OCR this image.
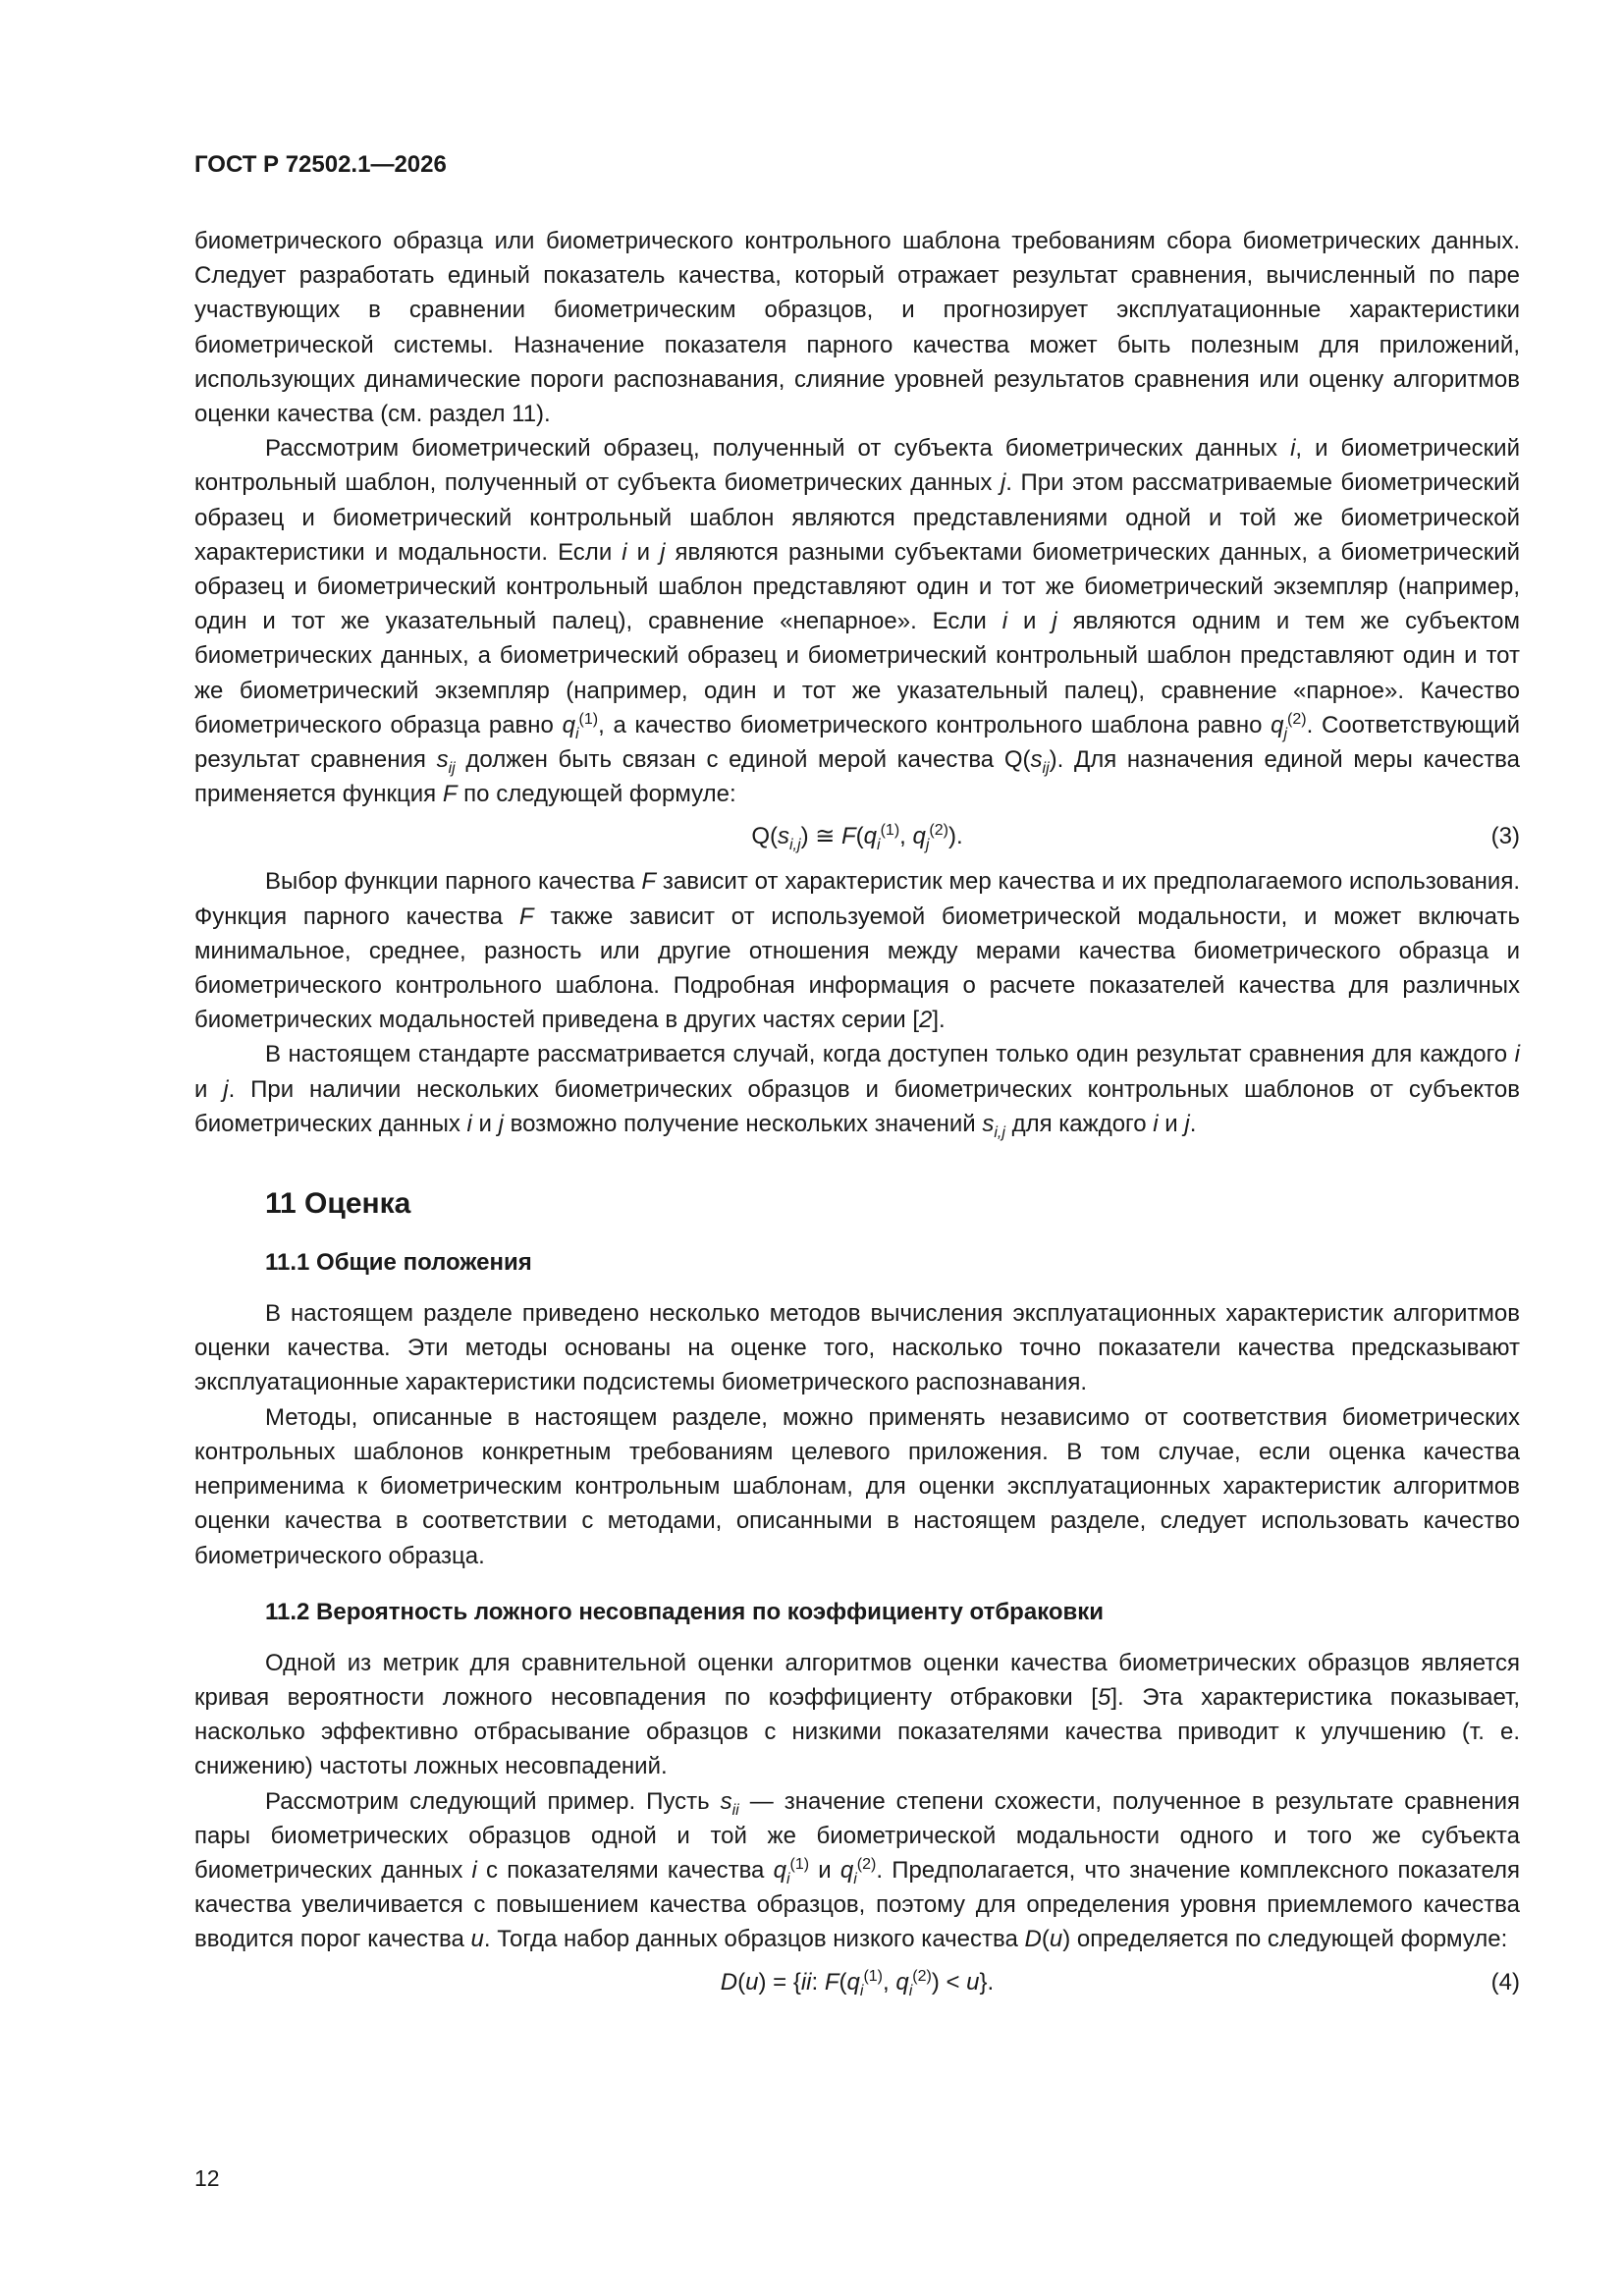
ГОСТ Р 72502.1—2026

биометрического образца или биометрического контрольного шаблона требованиям сбора биометрических данных. Следует разработать единый показатель качества, который отражает результат сравнения, вычисленный по паре участвующих в сравнении биометрическим образцов, и прогнозирует эксплуатационные характеристики биометрической системы. Назначение показателя парного качества может быть полезным для приложений, использующих динамические пороги распознавания, слияние уровней результатов сравнения или оценку алгоритмов оценки качества (см. раздел 11).

Рассмотрим биометрический образец, полученный от субъекта биометрических данных i, и биометрический контрольный шаблон, полученный от субъекта биометрических данных j. При этом рассматриваемые биометрический образец и биометрический контрольный шаблон являются представлениями одной и той же биометрической характеристики и модальности. Если i и j являются разными субъектами биометрических данных, а биометрический образец и биометрический контрольный шаблон представляют один и тот же биометрический экземпляр (например, один и тот же указательный палец), сравнение «непарное». Если i и j являются одним и тем же субъектом биометрических данных, а биометрический образец и биометрический контрольный шаблон представляют один и тот же биометрический экземпляр (например, один и тот же указательный палец), сравнение «парное». Качество биометрического образца равно $q_i^{(1)}$, а качество биометрического контрольного шаблона равно $q_j^{(2)}$. Соответствующий результат сравнения $s_{ij}$ должен быть связан с единой мерой качества $Q(s_{ij})$. Для назначения единой меры качества применяется функция F по следующей формуле:

$Q(s_{i,j})$ ≅ $F(q_i^{(1)}$, $q_j^{(2)}$).	(3)

Выбор функции парного качества F зависит от характеристик мер качества и их предполагаемого использования. Функция парного качества F также зависит от используемой биометрической модальности, и может включать минимальное, среднее, разность или другие отношения между мерами качества биометрического образца и биометрического контрольного шаблона. Подробная информация о расчете показателей качества для различных биометрических модальностей приведена в других частях серии [2].

В настоящем стандарте рассматривается случай, когда доступен только один результат сравнения для каждого i и j. При наличии нескольких биометрических образцов и биометрических контрольных шаблонов от субъектов биометрических данных i и j возможно получение нескольких значений $s_{i,j}$ для каждого i и j.

11 Оценка
11.1 Общие положения

В настоящем разделе приведено несколько методов вычисления эксплуатационных характеристик алгоритмов оценки качества. Эти методы основаны на оценке того, насколько точно показатели качества предсказывают эксплуатационные характеристики подсистемы биометрического распознавания.

Методы, описанные в настоящем разделе, можно применять независимо от соответствия биометрических контрольных шаблонов конкретным требованиям целевого приложения. В том случае, если оценка качества неприменима к биометрическим контрольным шаблонам, для оценки эксплуатационных характеристик алгоритмов оценки качества в соответствии с методами, описанными в настоящем разделе, следует использовать качество биометрического образца.

11.2 Вероятность ложного несовпадения по коэффициенту отбраковки

Одной из метрик для сравнительной оценки алгоритмов оценки качества биометрических образцов является кривая вероятности ложного несовпадения по коэффициенту отбраковки [5]. Эта характеристика показывает, насколько эффективно отбрасывание образцов с низкими показателями качества приводит к улучшению (т. е. снижению) частоты ложных несовпадений.

Рассмотрим следующий пример. Пусть $s_{ii}$ — значение степени схожести, полученное в результате сравнения пары биометрических образцов одной и той же биометрической модальности одного и того же субъекта биометрических данных i с показателями качества $q_i^{(1)}$ и $q_i^{(2)}$. Предполагается, что значение комплексного показателя качества увеличивается с повышением качества образцов, поэтому для определения уровня приемлемого качества вводится порог качества u. Тогда набор данных образцов низкого качества D(u) определяется по следующей формуле:

D(u) = {ii: $F(q_i^{(1)}$, $q_i^{(2)}) < u$}.	(4)
12
